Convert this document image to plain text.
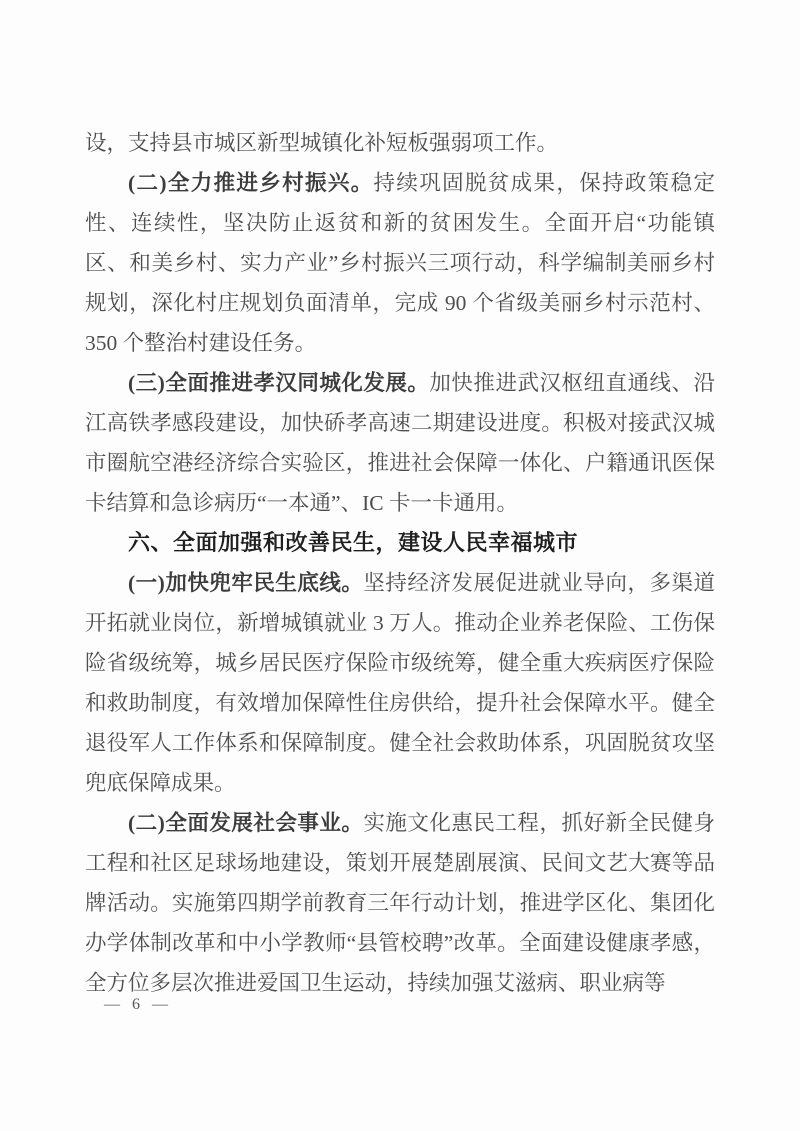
设，支持县市城区新型城镇化补短板强弱项工作。

(二)全力推进乡村振兴。持续巩固脱贫成果，保持政策稳定性、连续性，坚决防止返贫和新的贫困发生。全面开启“功能镇区、和美乡村、实力产业”乡村振兴三项行动，科学编制美丽乡村规划，深化村庄规划负面清单，完成 90 个省级美丽乡村示范村、350 个整治村建设任务。

(三)全面推进孝汉同城化发展。加快推进武汉枢纽直通线、沿江高铁孝感段建设，加快硚孝高速二期建设进度。积极对接武汉城市圈航空港经济综合实验区，推进社会保障一体化、户籍通讯医保卡结算和急诊病历“一本通”、IC 卡一卡通用。

六、全面加强和改善民生，建设人民幸福城市

(一)加快兜牢民生底线。坚持经济发展促进就业导向，多渠道开拓就业岗位，新增城镇就业 3 万人。推动企业养老保险、工伤保险省级统筹，城乡居民医疗保险市级统筹，健全重大疾病医疗保险和救助制度，有效增加保障性住房供给，提升社会保障水平。健全退役军人工作体系和保障制度。健全社会救助体系，巩固脱贫攻坚兜底保障成果。

(二)全面发展社会事业。实施文化惠民工程，抓好新全民健身工程和社区足球场地建设，策划开展楚剧展演、民间文艺大赛等品牌活动。实施第四期学前教育三年行动计划，推进学区化、集团化办学体制改革和中小学教师“县管校聘”改革。全面建设健康孝感，全方位多层次推进爱国卫生运动，持续加强艾滋病、职业病等

— 6 —
